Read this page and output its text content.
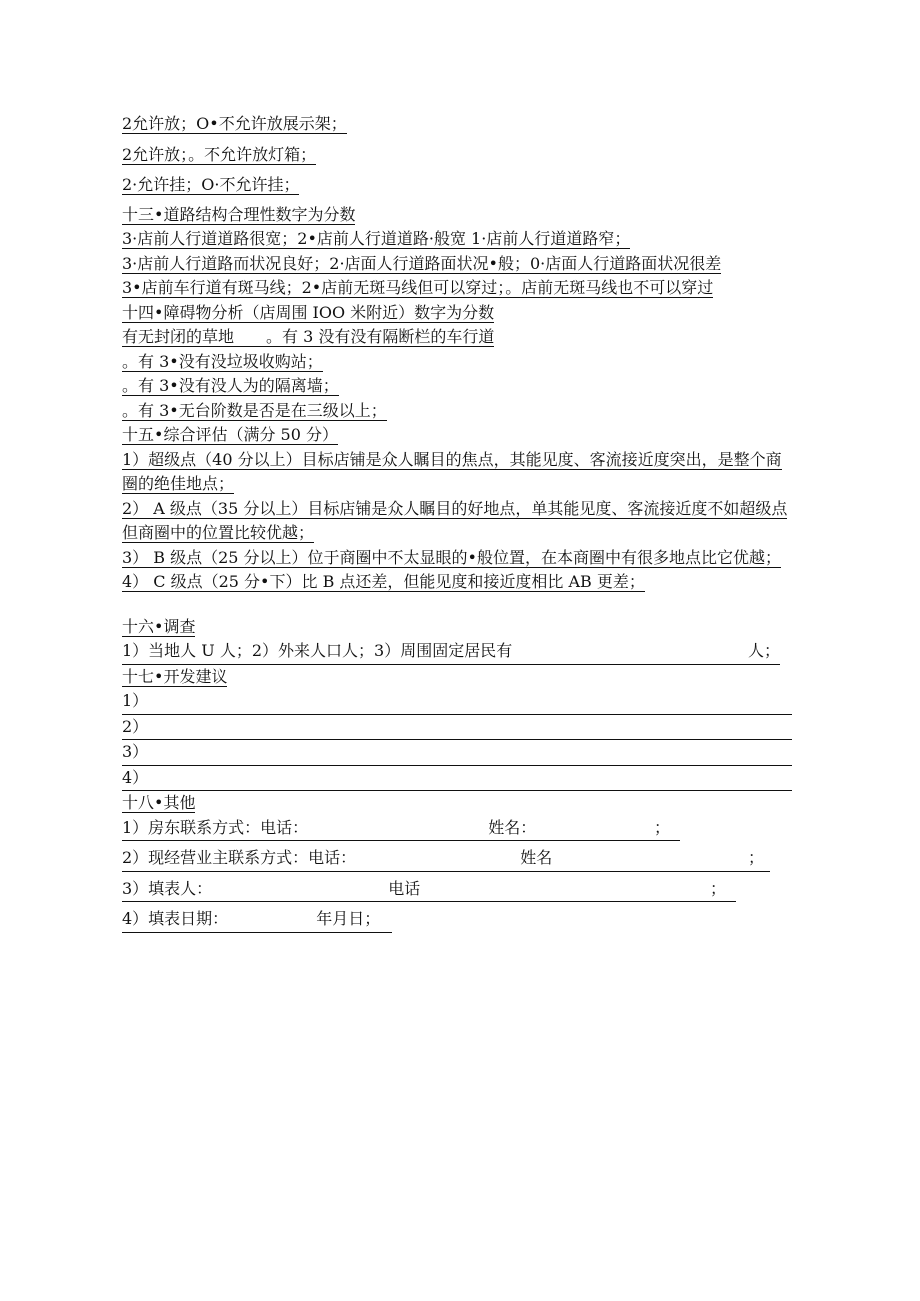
2允许放；O•不允许放展示架；
2允许放；。不允许放灯箱；
2·允许挂；O·不允许挂；
十三•道路结构合理性数字为分数
3·店前人行道道路很宽；2•店前人行道道路·般宽 1·店前人行道道路窄；
3·店前人行道路而状况良好；2·店面人行道路面状况•般；0·店面人行道路面状况很差
3•店前车行道有斑马线；2•店前无斑马线但可以穿过；。店前无斑马线也不可以穿过
十四•障碍物分析（店周围 IOO 米附近）数字为分数
有无封闭的草地　　。有 3 没有没有隔断栏的车行道
。有 3•没有没垃圾收购站；
。有 3•没有没人为的隔离墙；
。有 3•无台阶数是否是在三级以上；
十五•综合评估（满分 50 分）
1）超级点（40 分以上）目标店铺是众人瞩目的焦点，其能见度、客流接近度突出，是整个商圈的绝佳地点；
2） A 级点（35 分以上）目标店铺是众人瞩目的好地点，单其能见度、客流接近度不如超级点但商圈中的位置比较优越；
3） B 级点（25 分以上）位于商圈中不太显眼的•般位置，在本商圈中有很多地点比它优越；
4） C 级点（25 分•下）比 B 点还差，但能见度和接近度相比 AB 更差；
十六•调查
1）当地人 U 人；2）外来人口人；3）周围固定居民有	人；
十七•开发建议
1）
2）
3）
4）
十八•其他
1）房东联系方式：电话：	姓名：	；
2）现经营业主联系方式：电话：	姓名	；
3）填表人：	电话	；
4）填表日期：	年月日；
